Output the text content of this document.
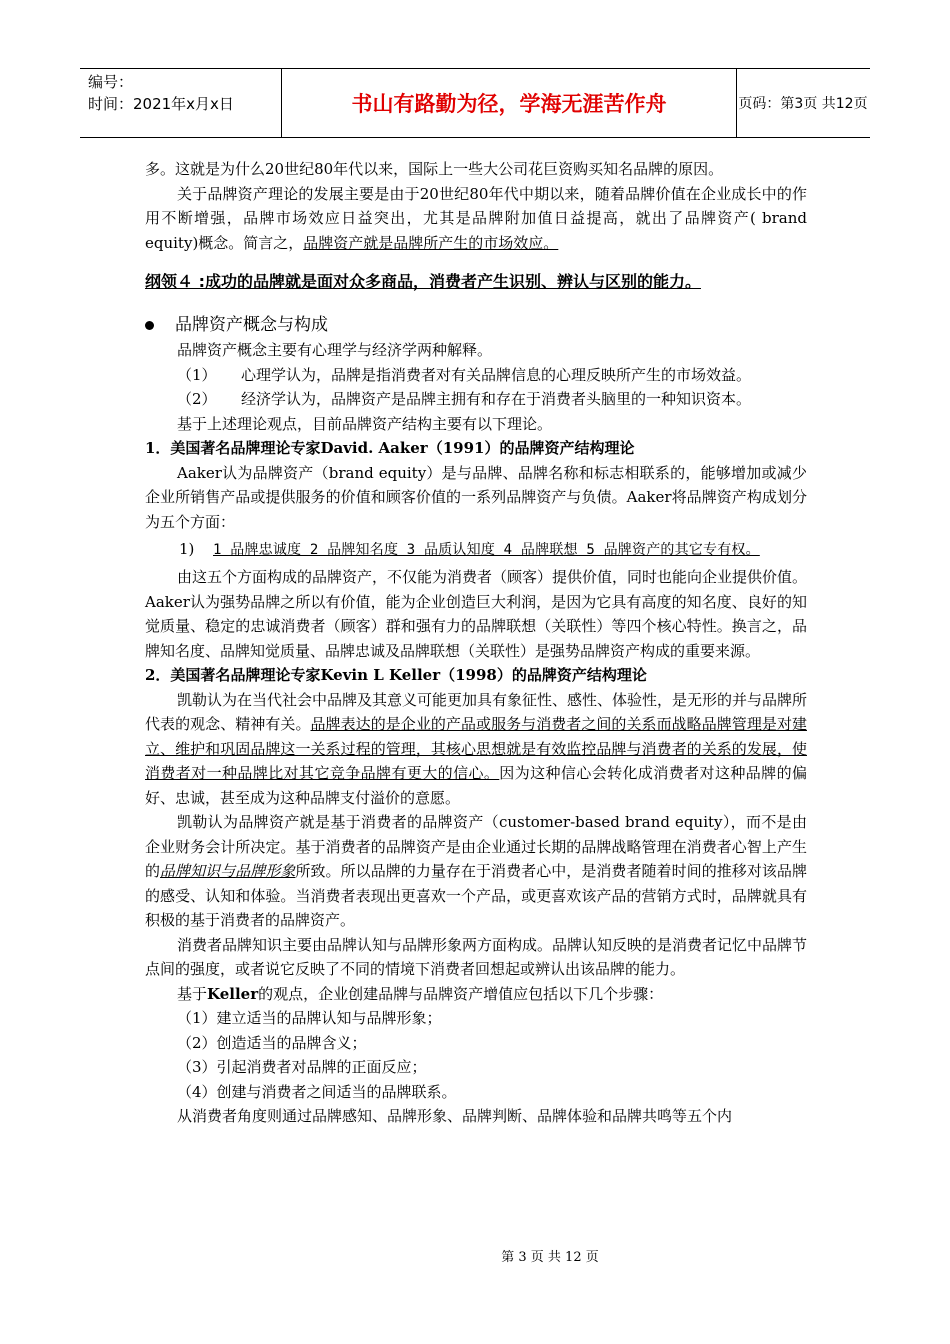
编号：
时间：2021年x月x日	书山有路勤为径，学海无涯苦作舟	页码：第3页 共12页

多。这就是为什么20世纪80年代以来，国际上一些大公司花巨资购买知名品牌的原因。

关于品牌资产理论的发展主要是由于20世纪80年代中期以来，随着品牌价值在企业成长中的作用不断增强，品牌市场效应日益突出，尤其是品牌附加值日益提高，就出了品牌资产( brand equity)概念。简言之，品牌资产就是品牌所产生的市场效应。

纲领４ :成功的品牌就是面对众多商品，消费者产生识别、辨认与区别的能力。

品牌资产概念与构成

品牌资产概念主要有心理学与经济学两种解释。

（1） 心理学认为，品牌是指消费者对有关品牌信息的心理反映所产生的市场效益。

（2） 经济学认为，品牌资产是品牌主拥有和存在于消费者头脑里的一种知识资本。

基于上述理论观点，目前品牌资产结构主要有以下理论。

1．美国著名品牌理论专家David. Aaker（1991）的品牌资产结构理论

Aaker认为品牌资产（brand equity）是与品牌、品牌名称和标志相联系的，能够增加或减少企业所销售产品或提供服务的价值和顾客价值的一系列品牌资产与负债。Aaker将品牌资产构成划分为五个方面：

1) 1 品牌忠诚度 2 品牌知名度 3 品质认知度 4 品牌联想 5 品牌资产的其它专有权。

由这五个方面构成的品牌资产，不仅能为消费者（顾客）提供价值，同时也能向企业提供价值。Aaker认为强势品牌之所以有价值，能为企业创造巨大利润，是因为它具有高度的知名度、良好的知觉质量、稳定的忠诚消费者（顾客）群和强有力的品牌联想（关联性）等四个核心特性。换言之，品牌知名度、品牌知觉质量、品牌忠诚及品牌联想（关联性）是强势品牌资产构成的重要来源。

2．美国著名品牌理论专家Kevin L Keller（1998）的品牌资产结构理论

凯勒认为在当代社会中品牌及其意义可能更加具有象征性、感性、体验性，是无形的并与品牌所代表的观念、精神有关。品牌表达的是企业的产品或服务与消费者之间的关系而战略品牌管理是对建立、维护和巩固品牌这一关系过程的管理，其核心思想就是有效监控品牌与消费者的关系的发展，使消费者对一种品牌比对其它竞争品牌有更大的信心。因为这种信心会转化成消费者对这种品牌的偏好、忠诚，甚至成为这种品牌支付溢价的意愿。

凯勒认为品牌资产就是基于消费者的品牌资产（customer-based brand equity），而不是由企业财务会计所决定。基于消费者的品牌资产是由企业通过长期的品牌战略管理在消费者心智上产生的品牌知识与品牌形象所致。所以品牌的力量存在于消费者心中，是消费者随着时间的推移对该品牌的感受、认知和体验。当消费者表现出更喜欢一个产品，或更喜欢该产品的营销方式时，品牌就具有积极的基于消费者的品牌资产。

消费者品牌知识主要由品牌认知与品牌形象两方面构成。品牌认知反映的是消费者记忆中品牌节点间的强度，或者说它反映了不同的情境下消费者回想起或辨认出该品牌的能力。

基于Keller的观点，企业创建品牌与品牌资产增值应包括以下几个步骤：

（1）建立适当的品牌认知与品牌形象；

（2）创造适当的品牌含义；

（3）引起消费者对品牌的正面反应；

（4）创建与消费者之间适当的品牌联系。

从消费者角度则通过品牌感知、品牌形象、品牌判断、品牌体验和品牌共鸣等五个内

第 3 页 共 12 页
